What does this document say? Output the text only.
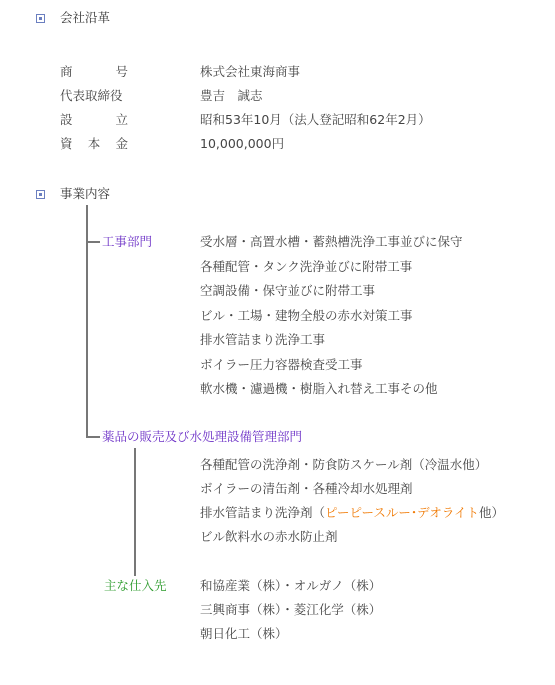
会社沿革
商	号	株式会社東海商事
代表取締役	豊吉　誠志
設	立	昭和53年10月（法人登記昭和62年2月）
資 本 金	10,000,000円
事業内容
工事部門	受水層・高置水槽・蓄熱槽洗浄工事並びに保守
各種配管・タンク洗浄並びに附帯工事
空調設備・保守並びに附帯工事
ビル・工場・建物全般の赤水対策工事
排水管詰まり洗浄工事
ボイラー圧力容器検査受工事
軟水機・濾過機・樹脂入れ替え工事その他
薬品の販売及び水処理設備管理部門
各種配管の洗浄剤・防食防スケール剤（冷温水他）
ボイラーの清缶剤・各種冷却水処理剤
排水管詰まり洗浄剤（ピーピースルー･デオライト他）
ビル飲料水の赤水防止剤
主な仕入先	和協産業（株）・オルガノ（株）
三興商事（株）・菱江化学（株）
朝日化工（株）
